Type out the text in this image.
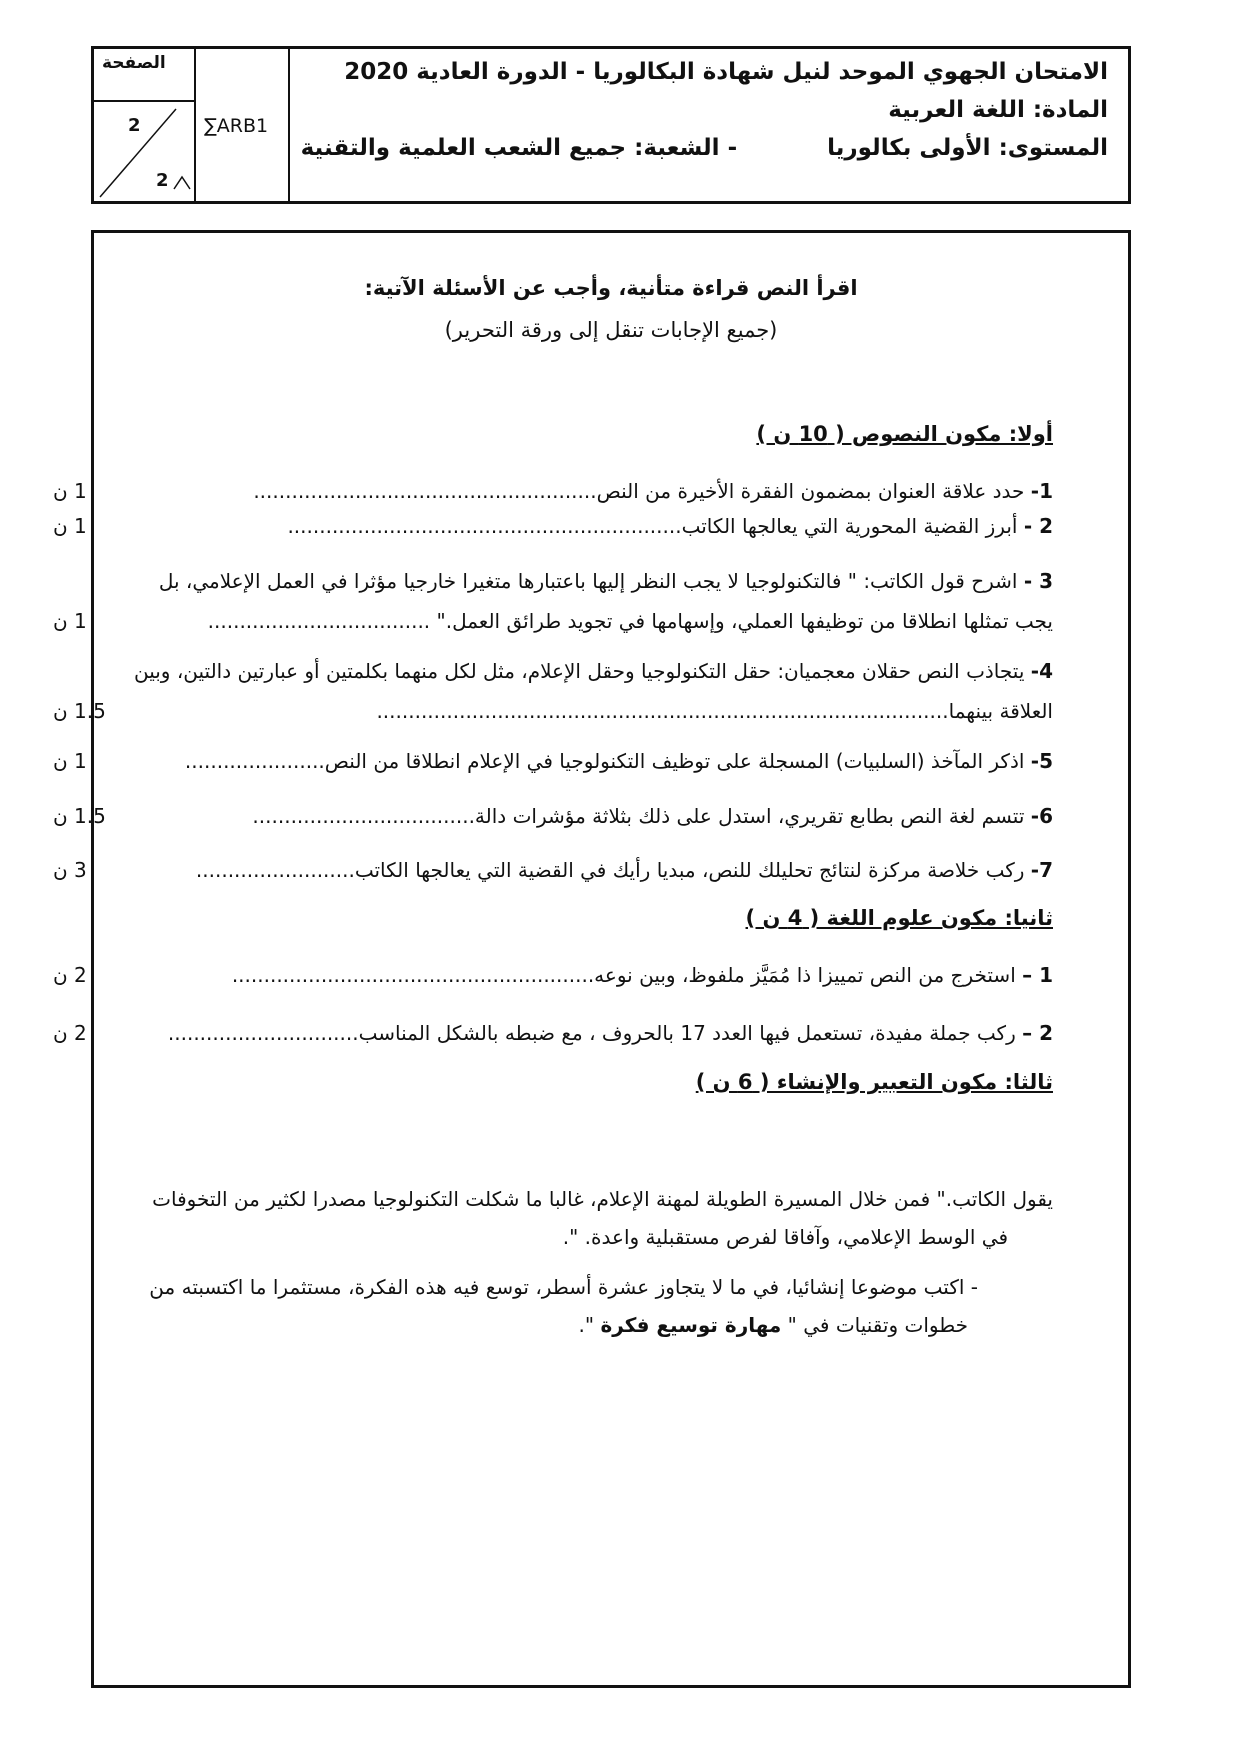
الصفحة
2
2
∑ARB1
الامتحان الجهوي الموحد لنيل شهادة البكالوريا - الدورة العادية 2020
المادة: اللغة العربية
المستوى: الأولى بكالوريا- الشعبة: جميع الشعب العلمية والتقنية
اقرأ النص قراءة متأنية، وأجب عن الأسئلة الآتية:
(جميع الإجابات تنقل إلى ورقة التحرير)
أولا: مكون النصوص ( 10 ن )
1- حدد علاقة العنوان بمضمون الفقرة الأخيرة من النص......................................................
1 ن
2 - أبرز القضية المحورية التي يعالجها الكاتب..............................................................
1 ن
3 - اشرح قول الكاتب: " فالتكنولوجيا لا يجب النظر إليها باعتبارها متغيرا خارجيا مؤثرا في العمل الإعلامي، بل
يجب تمثلها انطلاقا من توظيفها العملي، وإسهامها في تجويد طرائق العمل." ...................................
1 ن
4- يتجاذب النص حقلان معجميان: حقل التكنولوجيا وحقل الإعلام، مثل لكل منهما بكلمتين أو عبارتين دالتين، وبين
العلاقة بينهما..........................................................................................
1.5 ن
5- اذكر المآخذ (السلبيات) المسجلة على توظيف التكنولوجيا في الإعلام انطلاقا من النص......................
1 ن
6- تتسم لغة النص بطابع تقريري، استدل على ذلك بثلاثة مؤشرات دالة...................................
1.5 ن
7- ركب خلاصة مركزة لنتائج تحليلك للنص، مبديا رأيك في القضية التي يعالجها الكاتب.........................
3 ن
ثانيا: مكون علوم اللغة ( 4 ن )
1 – استخرج من النص تمييزا ذا مُمَيَّز ملفوظ، وبين نوعه.........................................................
2 ن
2 – ركب جملة مفيدة، تستعمل فيها العدد 17 بالحروف ، مع ضبطه بالشكل المناسب..............................
2 ن
ثالثا: مكون التعبير والإنشاء ( 6 ن )
يقول الكاتب." فمن خلال المسيرة الطويلة لمهنة الإعلام، غالبا ما شكلت التكنولوجيا مصدرا لكثير من التخوفات
في الوسط الإعلامي، وآفاقا لفرص مستقبلية واعدة. ".
- اكتب موضوعا إنشائيا، في ما لا يتجاوز عشرة أسطر، توسع فيه هذه الفكرة، مستثمرا ما اكتسبته من
خطوات وتقنيات في " مهارة توسيع فكرة ".
